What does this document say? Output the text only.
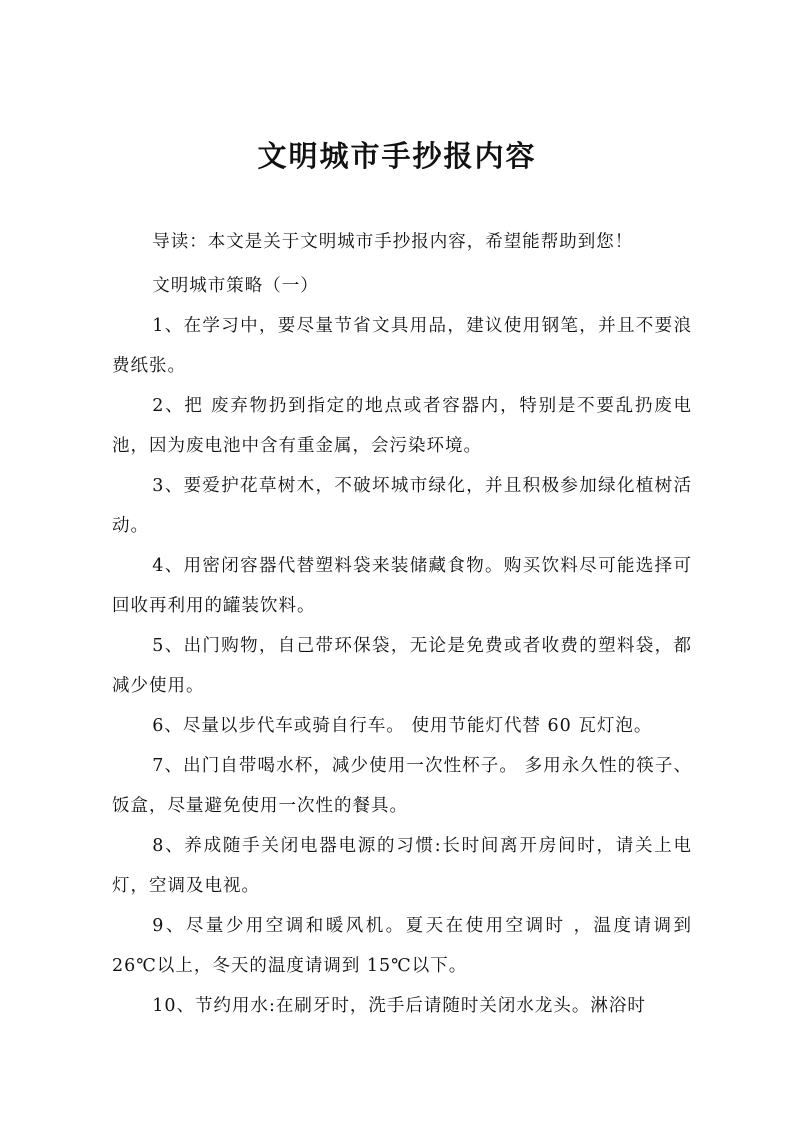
文明城市手抄报内容

导读：本文是关于文明城市手抄报内容，希望能帮助到您！

文明城市策略（一）

1、在学习中，要尽量节省文具用品，建议使用钢笔，并且不要浪费纸张。

2、把 废弃物扔到指定的地点或者容器内，特别是不要乱扔废电池，因为废电池中含有重金属，会污染环境。

3、要爱护花草树木，不破坏城市绿化，并且积极参加绿化植树活动。

4、用密闭容器代替塑料袋来装储藏食物。购买饮料尽可能选择可回收再利用的罐装饮料。

5、出门购物，自己带环保袋，无论是免费或者收费的塑料袋，都减少使用。

6、尽量以步代车或骑自行车。 使用节能灯代替 60 瓦灯泡。

7、出门自带喝水杯，减少使用一次性杯子。 多用永久性的筷子、饭盒，尽量避免使用一次性的餐具。

8、养成随手关闭电器电源的习惯:长时间离开房间时，请关上电灯，空调及电视。

9、尽量少用空调和暖风机。夏天在使用空调时 ，温度请调到 26℃以上，冬天的温度请调到 15℃以下。

10、节约用水:在刷牙时，洗手后请随时关闭水龙头。淋浴时
